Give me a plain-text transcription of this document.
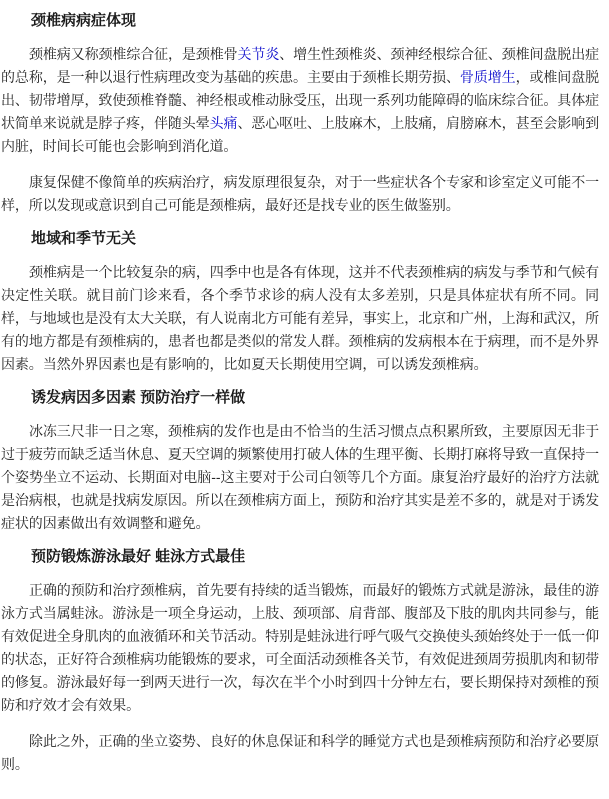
颈椎病病症体现

颈椎病又称颈椎综合征，是颈椎骨关节炎、增生性颈椎炎、颈神经根综合征、颈椎间盘脱出症的总称，是一种以退行性病理改变为基础的疾患。主要由于颈椎长期劳损、骨质增生，或椎间盘脱出、韧带增厚，致使颈椎脊髓、神经根或椎动脉受压，出现一系列功能障碍的临床综合征。具体症状简单来说就是脖子疼，伴随头晕头痛、恶心呕吐、上肢麻木，上肢痛，肩膀麻木，甚至会影响到内脏，时间长可能也会影响到消化道。

康复保健不像简单的疾病治疗，病发原理很复杂，对于一些症状各个专家和诊室定义可能不一样，所以发现或意识到自己可能是颈椎病，最好还是找专业的医生做鉴别。

地域和季节无关

颈椎病是一个比较复杂的病，四季中也是各有体现，这并不代表颈椎病的病发与季节和气候有决定性关联。就目前门诊来看，各个季节求诊的病人没有太多差别，只是具体症状有所不同。同样，与地域也是没有太大关联，有人说南北方可能有差异，事实上，北京和广州，上海和武汉，所有的地方都是有颈椎病的，患者也都是类似的常发人群。颈椎病的发病根本在于病理，而不是外界因素。当然外界因素也是有影响的，比如夏天长期使用空调，可以诱发颈椎病。

诱发病因多因素 预防治疗一样做

冰冻三尺非一日之寒，颈椎病的发作也是由不恰当的生活习惯点点积累所致，主要原因无非于过于疲劳而缺乏适当休息、夏天空调的频繁使用打破人体的生理平衡、长期打麻将导致一直保持一个姿势坐立不运动、长期面对电脑--这主要对于公司白领等几个方面。康复治疗最好的治疗方法就是治病根，也就是找病发原因。所以在颈椎病方面上，预防和治疗其实是差不多的，就是对于诱发症状的因素做出有效调整和避免。

预防锻炼游泳最好 蛙泳方式最佳

正确的预防和治疗颈椎病，首先要有持续的适当锻炼，而最好的锻炼方式就是游泳，最佳的游泳方式当属蛙泳。游泳是一项全身运动，上肢、颈项部、肩背部、腹部及下肢的肌肉共同参与，能有效促进全身肌肉的血液循环和关节活动。特别是蛙泳进行呼气吸气交换使头颈始终处于一低一仰的状态，正好符合颈椎病功能锻炼的要求，可全面活动颈椎各关节，有效促进颈周劳损肌肉和韧带的修复。游泳最好每一到两天进行一次，每次在半个小时到四十分钟左右，要长期保持对颈椎的预防和疗效才会有效果。

除此之外，正确的坐立姿势、良好的休息保证和科学的睡觉方式也是颈椎病预防和治疗必要原则。
